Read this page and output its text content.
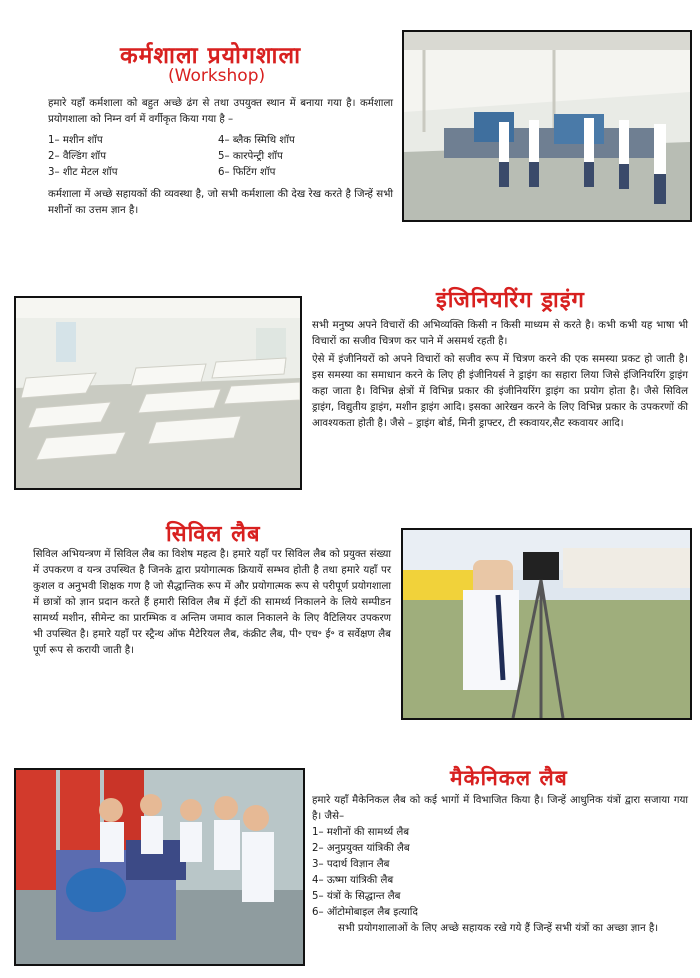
कर्मशाला प्रयोगशाला
(Workshop)

हमारे यहाँ कर्मशाला को बहुत अच्छे ढंग से तथा उपयुक्त स्थान में बनाया गया है। कर्मशाला प्रयोगशाला को निम्न वर्ग में वर्गीकृत किया गया है –

1– मशीन शॉप	4– ब्लैक स्मिथि शॉप
2– वैल्डिंग शॉप	5– कारपेन्ट्री शॉप
3– शीट मेटल शॉप	6– फिटिंग शॉप

कर्मशाला में अच्छे सहायकों की व्यवस्था है, जो सभी कर्मशाला की देख रेख करते है जिन्हें सभी मशीनों का उत्तम ज्ञान है।

इंजिनियरिंग ड्राइंग

सभी मनुष्य अपने विचारों की अभिव्यक्ति किसी न किसी माध्यम से करते है। कभी कभी यह भाषा भी विचारों का सजीव चित्रण कर पाने में असमर्थ रहती है।

ऐसे में इंजीनियरों को अपने विचारों को सजीव रूप में चित्रण करने की एक समस्या प्रकट हो जाती है। इस समस्या का समाधान करने के लिए ही इंजीनियर्स ने ड्राइंग का सहारा लिया जिसे इंजिनियरिंग ड्राइंग कहा जाता है। विभिन्न क्षेत्रों में विभिन्न प्रकार की इंजीनियरिंग ड्राइंग का प्रयोग होता है। जैसे सिविल ड्राइंग, विद्युतीय ड्राइंग, मशीन ड्राइंग आदि। इसका आरेखन करने के लिए विभिन्न प्रकार के उपकरणों की आवश्यकता होती है। जैसे – ड्राइंग बोर्ड, मिनी ड्राफ्टर, टी स्कवायर,सैट स्कवायर आदि।

सिविल लैब

सिविल अभियन्त्रण में सिविल लैब का विशेष महत्व है। हमारे यहाँ पर सिविल लैब को प्रयुक्त संख्या में उपकरण व यन्त्र उपस्थित है जिनके द्वारा प्रयोगात्मक क्रियायें सम्भव होती है तथा हमारे यहाँ पर कुशल व अनुभवी शिक्षक गण है जो सैद्धान्तिक रूप में और प्रयोगात्मक रूप से परीपूर्ण प्रयोगशाला में छात्रों को ज्ञान प्रदान करते हैं हमारी सिविल लैब में ईटों की सामर्थ्य निकालने के लिये सम्पीडन सामर्थ्य मशीन, सीमेन्ट का प्रारम्भिक व अन्तिम जमाव काल निकालने के लिए वैटिलियर उपकरण भी उपस्थित है। हमारे यहाँ पर स्ट्रैन्थ ऑफ मैटेरियल लैब, कंक्रीट लैब, पी॰ एच॰ ई॰ व सर्वेक्षण लैब पूर्ण रूप से करायी जाती है।

मैकेनिकल लैब

हमारे यहाँ मैकेनिकल लैब को कई भागों में विभाजित किया है। जिन्हें आधुनिक यंत्रों द्वारा सजाया गया है। जैसे–

1– मशीनों की सामर्थ्य लैब
2– अनुप्रयुक्त यांत्रिकी लैब
3– पदार्थ विज्ञान लैब
4– ऊष्मा यांत्रिकी लैब
5– यंत्रों के सिद्धान्त लैब
6– ऑटोमोबाइल लैब इत्यादि

सभी प्रयोगशालाओं के लिए अच्छे सहायक रखे गये हैं जिन्हें सभी यंत्रों का अच्छा ज्ञान है।
